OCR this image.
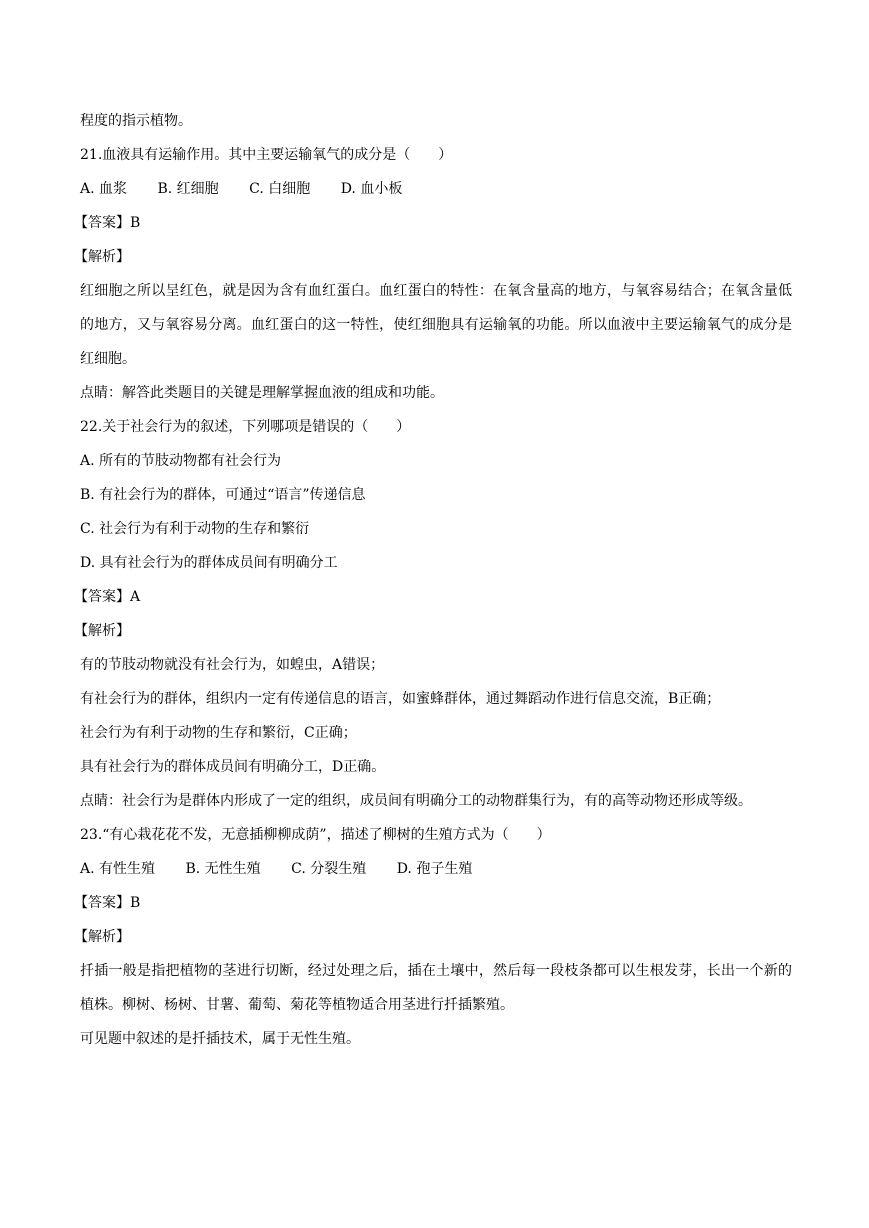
程度的指示植物。
21.血液具有运输作用。其中主要运输氧气的成分是（　　）
A. 血浆 B. 红细胞 C. 白细胞 D. 血小板
【答案】B
【解析】
红细胞之所以呈红色，就是因为含有血红蛋白。血红蛋白的特性：在氧含量高的地方，与氧容易结合；在氧含量低的地方，又与氧容易分离。血红蛋白的这一特性，使红细胞具有运输氧的功能。所以血液中主要运输氧气的成分是红细胞。
点睛：解答此类题目的关键是理解掌握血液的组成和功能。
22.关于社会行为的叙述，下列哪项是错误的（　　）
A. 所有的节肢动物都有社会行为
B. 有社会行为的群体，可通过“语言”传递信息
C. 社会行为有利于动物的生存和繁衍
D. 具有社会行为的群体成员间有明确分工
【答案】A
【解析】
有的节肢动物就没有社会行为，如蝗虫，A错误；
有社会行为的群体，组织内一定有传递信息的语言，如蜜蜂群体，通过舞蹈动作进行信息交流，B正确；
社会行为有利于动物的生存和繁衍，C正确；
具有社会行为的群体成员间有明确分工，D正确。
点睛：社会行为是群体内形成了一定的组织，成员间有明确分工的动物群集行为，有的高等动物还形成等级。
23.“有心栽花花不发，无意插柳柳成荫”，描述了柳树的生殖方式为（　　）
A. 有性生殖 B. 无性生殖 C. 分裂生殖 D. 孢子生殖
【答案】B
【解析】
扦插一般是指把植物的茎进行切断，经过处理之后，插在土壤中，然后每一段枝条都可以生根发芽，长出一个新的植株。柳树、杨树、甘薯、葡萄、菊花等植物适合用茎进行扦插繁殖。
可见题中叙述的是扦插技术，属于无性生殖。
